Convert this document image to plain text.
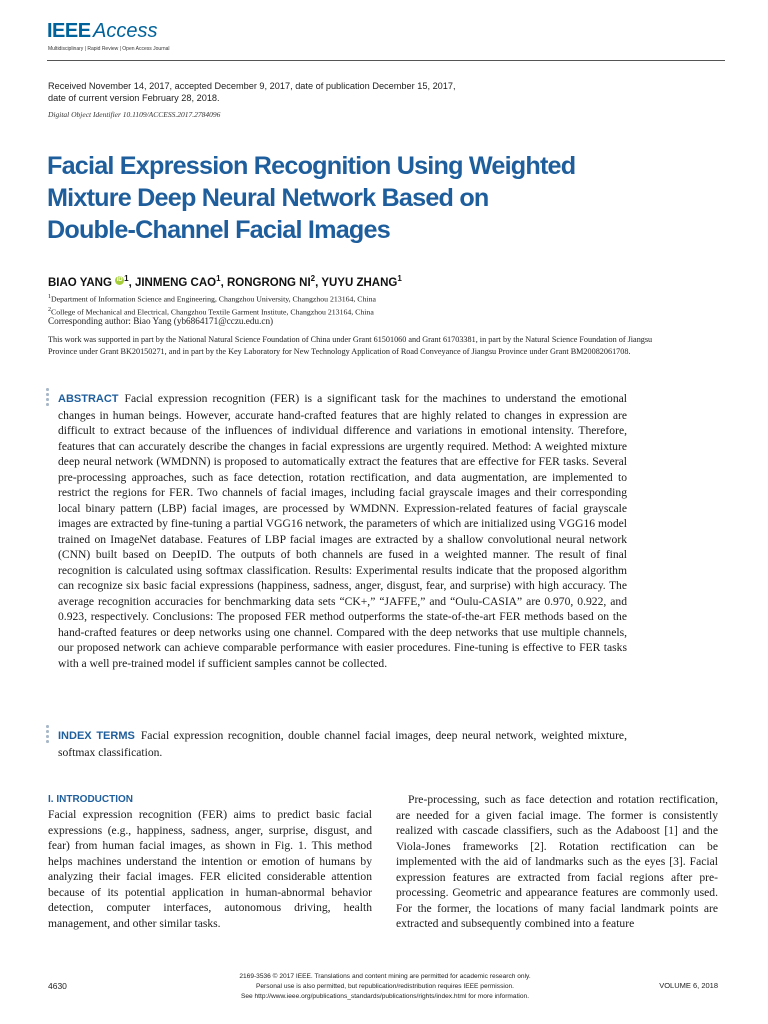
IEEE Access
Multidisciplinary | Rapid Review | Open Access Journal
Received November 14, 2017, accepted December 9, 2017, date of publication December 15, 2017,
date of current version February 28, 2018.
Digital Object Identifier 10.1109/ACCESS.2017.2784096
Facial Expression Recognition Using Weighted
Mixture Deep Neural Network Based on
Double-Channel Facial Images
BIAO YANG iD $^1$, JINMENG CAO$^1$, RONGRONG $NI^2$, YUYU ZHANG$^1$
$^1$Department of Information Science and Engineering, Changzhou University, Changzhou 213164, China
$^2$College of Mechanical and Electrical, Changzhou Textile Garment Institute, Changzhou 213164, China
Corresponding author: Biao Yang (yb6864171@cczu.edu.cn)
This work was supported in part by the National Natural Science Foundation of China under Grant 61501060 and Grant 61703381, in part by the Natural Science Foundation of Jiangsu Province under Grant BK20150271, and in part by the Key Laboratory for New Technology Application of Road Conveyance of Jiangsu Province under Grant BM20082061708.
ABSTRACT Facial expression recognition (FER) is a significant task for the machines to understand the emotional changes in human beings. However, accurate hand-crafted features that are highly related to changes in expression are difficult to extract because of the influences of individual difference and variations in emotional intensity. Therefore, features that can accurately describe the changes in facial expressions are urgently required. Method: A weighted mixture deep neural network (WMDNN) is proposed to automatically extract the features that are effective for FER tasks. Several pre-processing approaches, such as face detection, rotation rectification, and data augmentation, are implemented to restrict the regions for FER. Two channels of facial images, including facial grayscale images and their corresponding local binary pattern (LBP) facial images, are processed by WMDNN. Expression-related features of facial grayscale images are extracted by fine-tuning a partial VGG16 network, the parameters of which are initialized using VGG16 model trained on ImageNet database. Features of LBP facial images are extracted by a shallow convolutional neural network (CNN) built based on DeepID. The outputs of both channels are fused in a weighted manner. The result of final recognition is calculated using softmax classification. Results: Experimental results indicate that the proposed algorithm can recognize six basic facial expressions (happiness, sadness, anger, disgust, fear, and surprise) with high accuracy. The average recognition accuracies for benchmarking data sets “CK+,” “JAFFE,” and “Oulu-CASIA” are 0.970, 0.922, and 0.923, respectively. Conclusions: The proposed FER method outperforms the state-of-the-art FER methods based on the hand-crafted features or deep networks using one channel. Compared with the deep networks that use multiple channels, our proposed network can achieve comparable performance with easier procedures. Fine-tuning is effective to FER tasks with a well pre-trained model if sufficient samples cannot be collected.
INDEX TERMS Facial expression recognition, double channel facial images, deep neural network, weighted mixture, softmax classification.
I. INTRODUCTION
Facial expression recognition (FER) aims to predict basic facial expressions (e.g., happiness, sadness, anger, surprise, disgust, and fear) from human facial images, as shown in Fig. 1. This method helps machines understand the intention or emotion of humans by analyzing their facial images. FER elicited considerable attention because of its potential application in human-abnormal behavior detection, computer interfaces, autonomous driving, health management, and other similar tasks.
Pre-processing, such as face detection and rotation rectification, are needed for a given facial image. The former is consistently realized with cascade classifiers, such as the Adaboost [1] and the Viola-Jones frameworks [2]. Rotation rectification can be implemented with the aid of landmarks such as the eyes [3]. Facial expression features are extracted from facial regions after pre-processing. Geometric and appearance features are commonly used. For the former, the locations of many facial landmark points are extracted and subsequently combined into a feature
4630
2169-3536 © 2017 IEEE. Translations and content mining are permitted for academic research only.
Personal use is also permitted, but republication/redistribution requires IEEE permission.
See http://www.ieee.org/publications_standards/publications/rights/index.html for more information.
VOLUME 6, 2018
